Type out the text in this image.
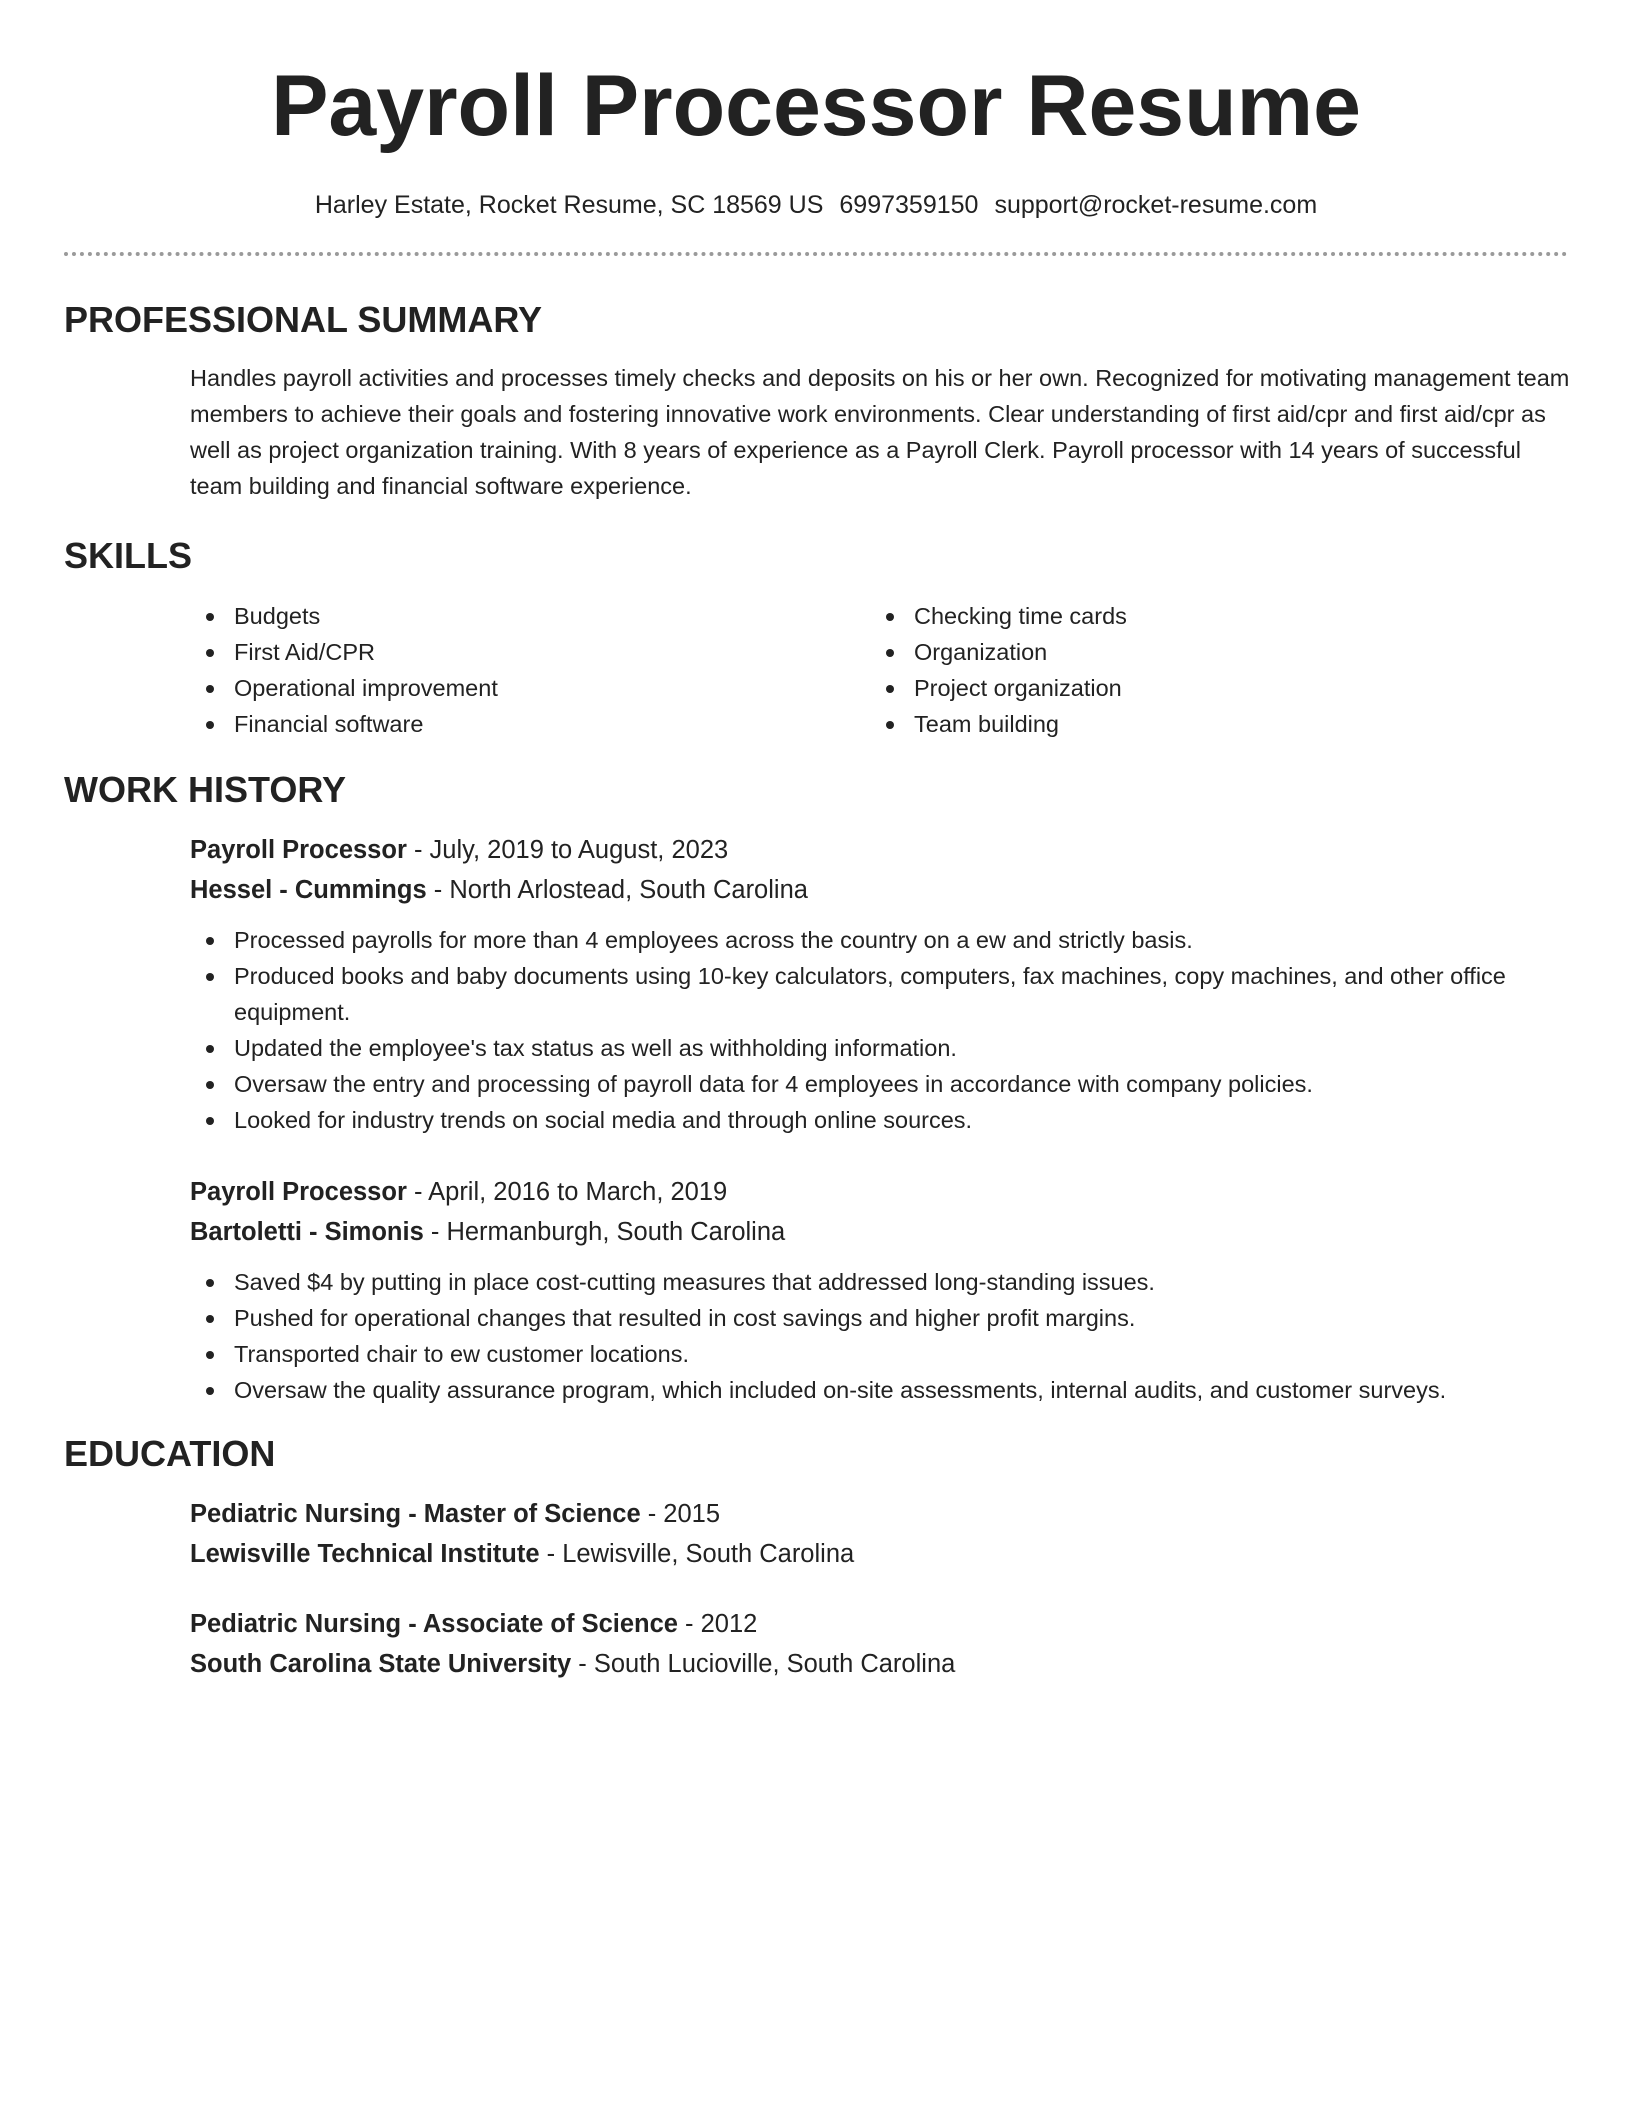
Payroll Processor Resume
Harley Estate, Rocket Resume, SC 18569 US 6997359150 support@rocket-resume.com
PROFESSIONAL SUMMARY
Handles payroll activities and processes timely checks and deposits on his or her own. Recognized for motivating management team members to achieve their goals and fostering innovative work environments. Clear understanding of first aid/cpr and first aid/cpr as well as project organization training. With 8 years of experience as a Payroll Clerk. Payroll processor with 14 years of successful team building and financial software experience.
SKILLS
Budgets
First Aid/CPR
Operational improvement
Financial software
Checking time cards
Organization
Project organization
Team building
WORK HISTORY
Payroll Processor - July, 2019 to August, 2023
Hessel - Cummings - North Arlostead, South Carolina
Processed payrolls for more than 4 employees across the country on a ew and strictly basis.
Produced books and baby documents using 10-key calculators, computers, fax machines, copy machines, and other office equipment.
Updated the employee's tax status as well as withholding information.
Oversaw the entry and processing of payroll data for 4 employees in accordance with company policies.
Looked for industry trends on social media and through online sources.
Payroll Processor - April, 2016 to March, 2019
Bartoletti - Simonis - Hermanburgh, South Carolina
Saved $4 by putting in place cost-cutting measures that addressed long-standing issues.
Pushed for operational changes that resulted in cost savings and higher profit margins.
Transported chair to ew customer locations.
Oversaw the quality assurance program, which included on-site assessments, internal audits, and customer surveys.
EDUCATION
Pediatric Nursing - Master of Science - 2015
Lewisville Technical Institute - Lewisville, South Carolina
Pediatric Nursing - Associate of Science - 2012
South Carolina State University - South Lucioville, South Carolina
